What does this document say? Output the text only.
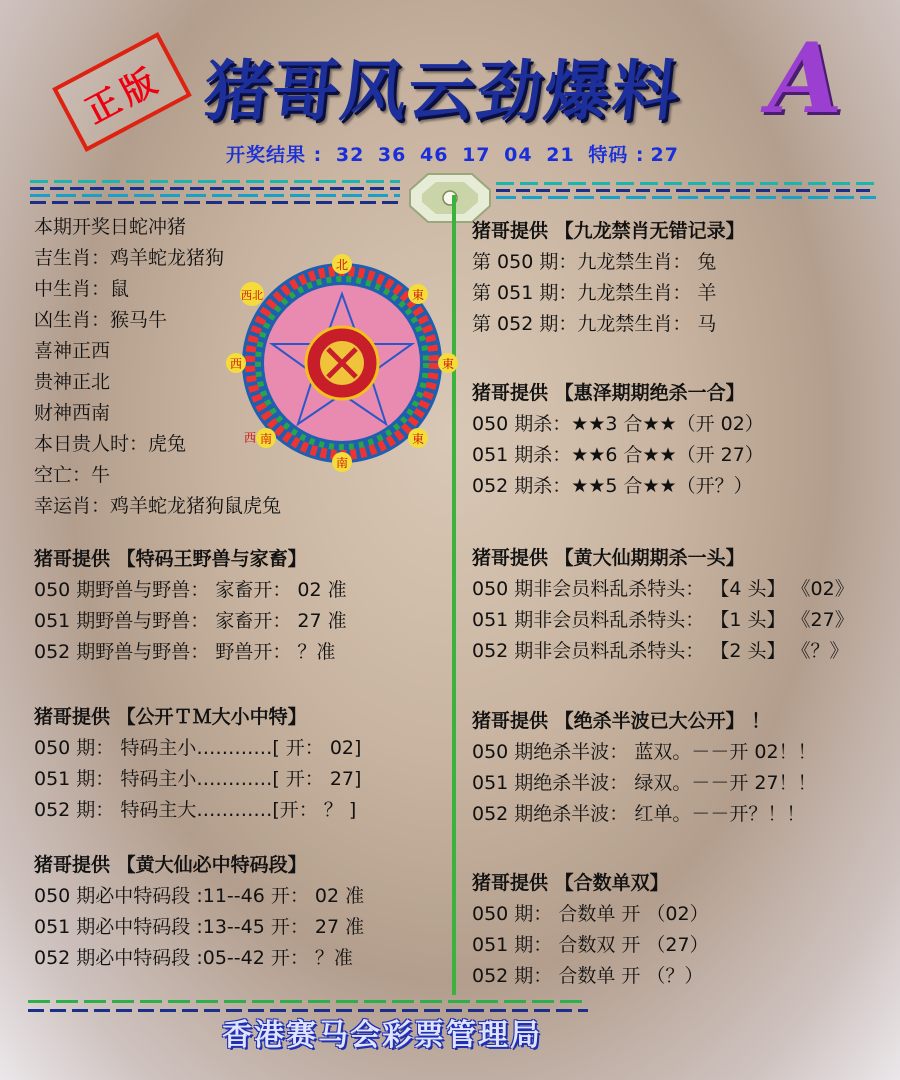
正版 猪哥风云劲爆料 A
开奖结果 : 32 36 46 17 04 21 特码 : 27
本期开奖日蛇冲猪
吉生肖：鸡羊蛇龙猪狗
中生肖：鼠
凶生肖：猴马牛
喜神正西
贵神正北
财神西南
本日贵人时：虎兔
空亡：牛
幸运肖：鸡羊蛇龙猪狗鼠虎兔
北
東
東
東
南
南
西
西
西北
猪哥提供 【特码王野兽与家畜】
050 期野兽与野兽： 家畜开： 02 准
051 期野兽与野兽： 家畜开： 27 准
052 期野兽与野兽： 野兽开： ？准
猪哥提供 【公开ＴＭ大小中特】
050 期： 特码主小…………[ 开： 02]
051 期： 特码主小…………[ 开： 27]
052 期： 特码主大…………[开： ？ ]
猪哥提供 【黄大仙必中特码段】
050 期必中特码段 :11--46 开： 02 准
051 期必中特码段 :13--45 开： 27 准
052 期必中特码段 :05--42 开： ？准
猪哥提供 【九龙禁肖无错记录】
第 050 期：九龙禁生肖： 兔
第 051 期：九龙禁生肖： 羊
第 052 期：九龙禁生肖： 马
猪哥提供 【惠泽期期绝杀一合】
050 期杀：★★3 合★★（开 02）
051 期杀：★★6 合★★（开 27）
052 期杀：★★5 合★★（开？）
猪哥提供 【黄大仙期期杀一头】
050 期非会员料乱杀特头： 【4 头】 《02》
051 期非会员料乱杀特头： 【1 头】 《27》
052 期非会员料乱杀特头： 【2 头】 《？》
猪哥提供 【绝杀半波已大公开】 ！
050 期绝杀半波： 蓝双。－－开 02！！
051 期绝杀半波： 绿双。－－开 27！！
052 期绝杀半波： 红单。－－开？！！
猪哥提供 【合数单双】
050 期： 合数单 开 （02）
051 期： 合数双 开 （27）
052 期： 合数单 开 （？）
香港赛马会彩票管理局
